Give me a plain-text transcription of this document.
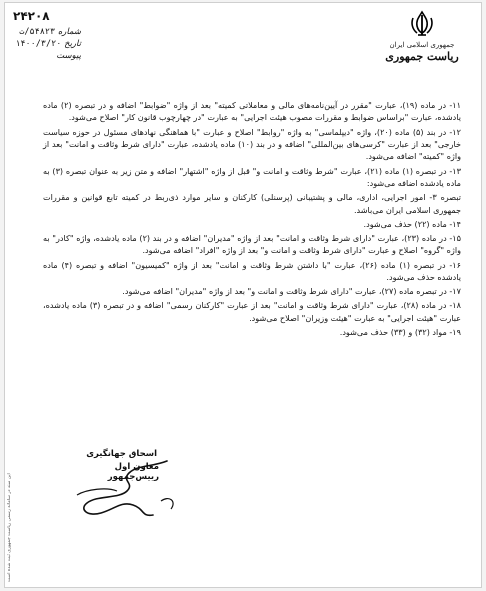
جمهوری اسلامی ایران
ریاست جمهوری
۲۴۲۰۸
شماره ۵۴۸۲۳/ت
تاریخ ۱۴۰۰/۳/۲۰
پیوست

۱۱- در ماده (۱۹)، عبارت "مقرر در آیین‌نامه‌های مالی و معاملاتی کمیته" بعد از واژه "ضوابط" اضافه و در تبصره (۲) ماده یادشده، عبارت "براساس ضوابط و مقررات مصوب هیئت اجرایی" به عبارت "در چهارچوب قانون کار" اصلاح می‌شود.

۱۲- در بند (۵) ماده (۲۰)، واژه "دیپلماسی" به واژه "روابط" اصلاح و عبارت "با هماهنگی نهادهای مسئول در حوزه سیاست خارجی" بعد از عبارت "کرسی‌های بین‌المللی" اضافه و در بند (۱۰) ماده یادشده، عبارت "دارای شرط وثاقت و امانت" بعد از واژه "کمیته" اضافه می‌شود.

۱۳- در تبصره (۱) ماده (۲۱)، عبارت "شرط وثاقت و امانت و" قبل از واژه "اشتهار" اضافه و متن زیر به عنوان تبصره (۳) به ماده یادشده اضافه می‌شود:

تبصره ۳- امور اجرایی، اداری، مالی و پشتیبانی (پرسنلی) کارکنان و سایر موارد ذی‌ربط در کمیته تابع قوانین و مقررات جمهوری اسلامی ایران می‌باشد.

۱۴- ماده (۲۲) حذف می‌شود.

۱۵- در ماده (۲۳)، عبارت "دارای شرط وثاقت و امانت" بعد از واژه "مدیران" اضافه و در بند (۲) ماده یادشده، واژه "کادر" به واژه "گروه" اصلاح و عبارت "دارای شرط وثاقت و امانت و" بعد از واژه "افراد" اضافه می‌شود.

۱۶- در تبصره (۱) ماده (۲۶)، عبارت "با داشتن شرط وثاقت و امانت" بعد از واژه "کمیسیون" اضافه و تبصره (۴) ماده یادشده حذف می‌شود.

۱۷- در تبصره ماده (۲۷)، عبارت "دارای شرط وثاقت و امانت و" بعد از واژه "مدیران" اضافه می‌شود.

۱۸- در ماده (۲۸)، عبارت "دارای شرط وثاقت و امانت" بعد از عبارت "کارکنان رسمی" اضافه و در تبصره (۳) ماده یادشده، عبارت "هیئت اجرایی" به عبارت "هیئت وزیران" اصلاح می‌شود.

۱۹- مواد (۳۲) و (۳۳) حذف می‌شود.

اسحاق جهانگیری
معاون اول رییس‌جمهور
این سند در سامانه رسمی ریاست جمهوری ثبت شده است
